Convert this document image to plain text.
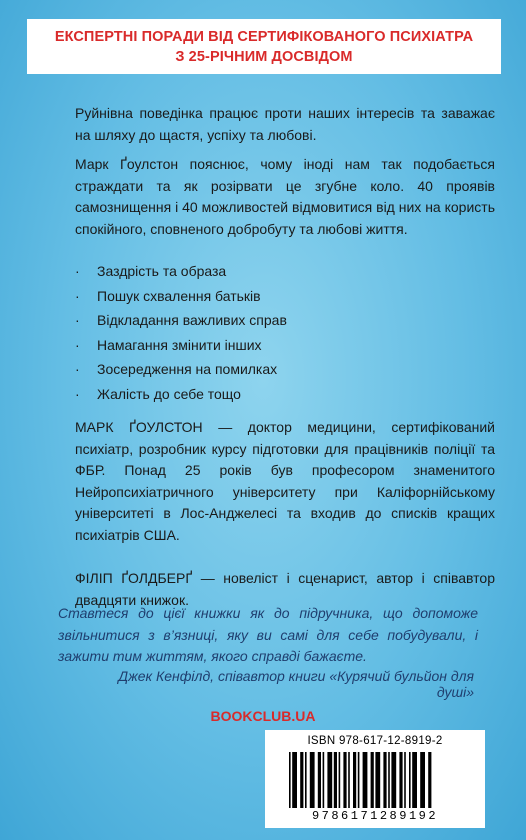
ЕКСПЕРТНІ ПОРАДИ ВІД СЕРТИФІКОВАНОГО ПСИХІАТРА
З 25-РІЧНИМ ДОСВІДОМ

Руйнівна поведінка працює проти наших інтересів та заважає на шляху до щастя, успіху та любові.

Марк Ґоулстон пояснює, чому іноді нам так подобається страждати та як розірвати це згубне коло. 40 проявів самознищення і 40 можливостей відмовитися від них на користь спокійного, сповненого добробуту та любові життя.

· Заздрість та образа
· Пошук схвалення батьків
· Відкладання важливих справ
· Намагання змінити інших
· Зосередження на помилках
· Жалість до себе тощо

МАРК ҐОУЛСТОН — доктор медицини, сертифікований психіатр, розробник курсу підготовки для працівників поліції та ФБР. Понад 25 років був професором знаменитого Нейропсихіатричного університету при Каліфорнійському університеті в Лос-Анджелесі та входив до списків кращих психіатрів США.

ФІЛІП ҐОЛДБЕРҐ — новеліст і сценарист, автор і співавтор двадцяти книжок.

Ставтеся до цієї книжки як до підручника, що допоможе звільнитися з в’язниці, яку ви самі для себе побудували, і зажити тим життям, якого справді бажаєте.

Джек Кенфілд, співавтор книги «Курячий бульйон для душі»
BOOKCLUB.UA
ISBN 978-617-12-8919-2
9786171289192
